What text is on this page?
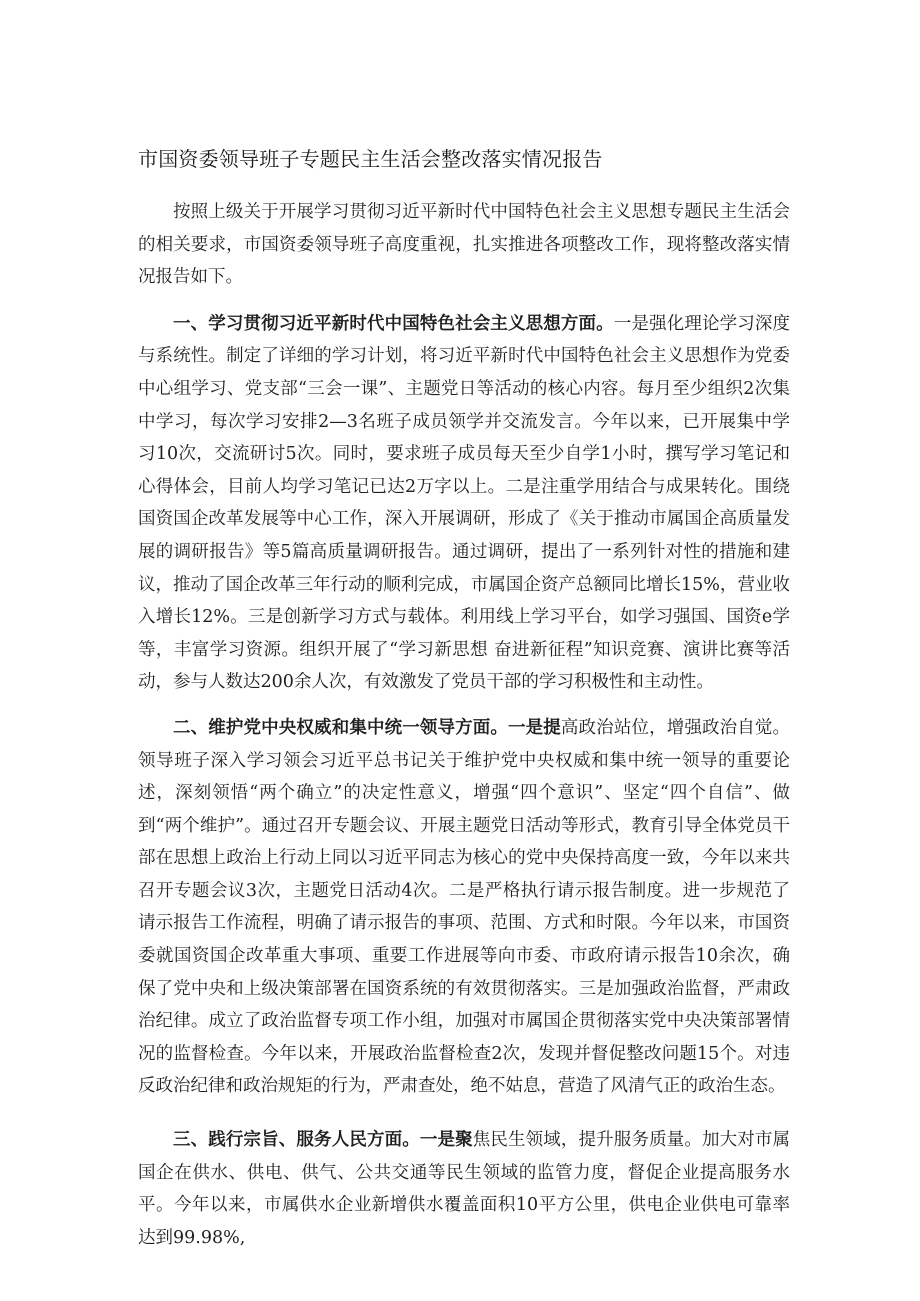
市国资委领导班子专题民主生活会整改落实情况报告

按照上级关于开展学习贯彻习近平新时代中国特色社会主义思想专题民主生活会的相关要求，市国资委领导班子高度重视，扎实推进各项整改工作，现将整改落实情况报告如下。

一、学习贯彻习近平新时代中国特色社会主义思想方面。一是强化理论学习深度与系统性。制定了详细的学习计划，将习近平新时代中国特色社会主义思想作为党委中心组学习、党支部“三会一课”、主题党日等活动的核心内容。每月至少组织2次集中学习，每次学习安排2—3名班子成员领学并交流发言。今年以来，已开展集中学习10次，交流研讨5次。同时，要求班子成员每天至少自学1小时，撰写学习笔记和心得体会，目前人均学习笔记已达2万字以上。二是注重学用结合与成果转化。围绕国资国企改革发展等中心工作，深入开展调研，形成了《关于推动市属国企高质量发展的调研报告》等5篇高质量调研报告。通过调研，提出了一系列针对性的措施和建议，推动了国企改革三年行动的顺利完成，市属国企资产总额同比增长15%，营业收入增长12%。三是创新学习方式与载体。利用线上学习平台，如学习强国、国资e学等，丰富学习资源。组织开展了“学习新思想 奋进新征程”知识竞赛、演讲比赛等活动，参与人数达200余人次，有效激发了党员干部的学习积极性和主动性。

二、维护党中央权威和集中统一领导方面。一是提高政治站位，增强政治自觉。领导班子深入学习领会习近平总书记关于维护党中央权威和集中统一领导的重要论述，深刻领悟“两个确立”的决定性意义，增强“四个意识”、坚定“四个自信”、做到“两个维护”。通过召开专题会议、开展主题党日活动等形式，教育引导全体党员干部在思想上政治上行动上同以习近平同志为核心的党中央保持高度一致，今年以来共召开专题会议3次，主题党日活动4次。二是严格执行请示报告制度。进一步规范了请示报告工作流程，明确了请示报告的事项、范围、方式和时限。今年以来，市国资委就国资国企改革重大事项、重要工作进展等向市委、市政府请示报告10余次，确保了党中央和上级决策部署在国资系统的有效贯彻落实。三是加强政治监督，严肃政治纪律。成立了政治监督专项工作小组，加强对市属国企贯彻落实党中央决策部署情况的监督检查。今年以来，开展政治监督检查2次，发现并督促整改问题15个。对违反政治纪律和政治规矩的行为，严肃查处，绝不姑息，营造了风清气正的政治生态。

三、践行宗旨、服务人民方面。一是聚焦民生领域，提升服务质量。加大对市属国企在供水、供电、供气、公共交通等民生领域的监管力度，督促企业提高服务水平。今年以来，市属供水企业新增供水覆盖面积10平方公里，供电企业供电可靠率达到99.98%,
